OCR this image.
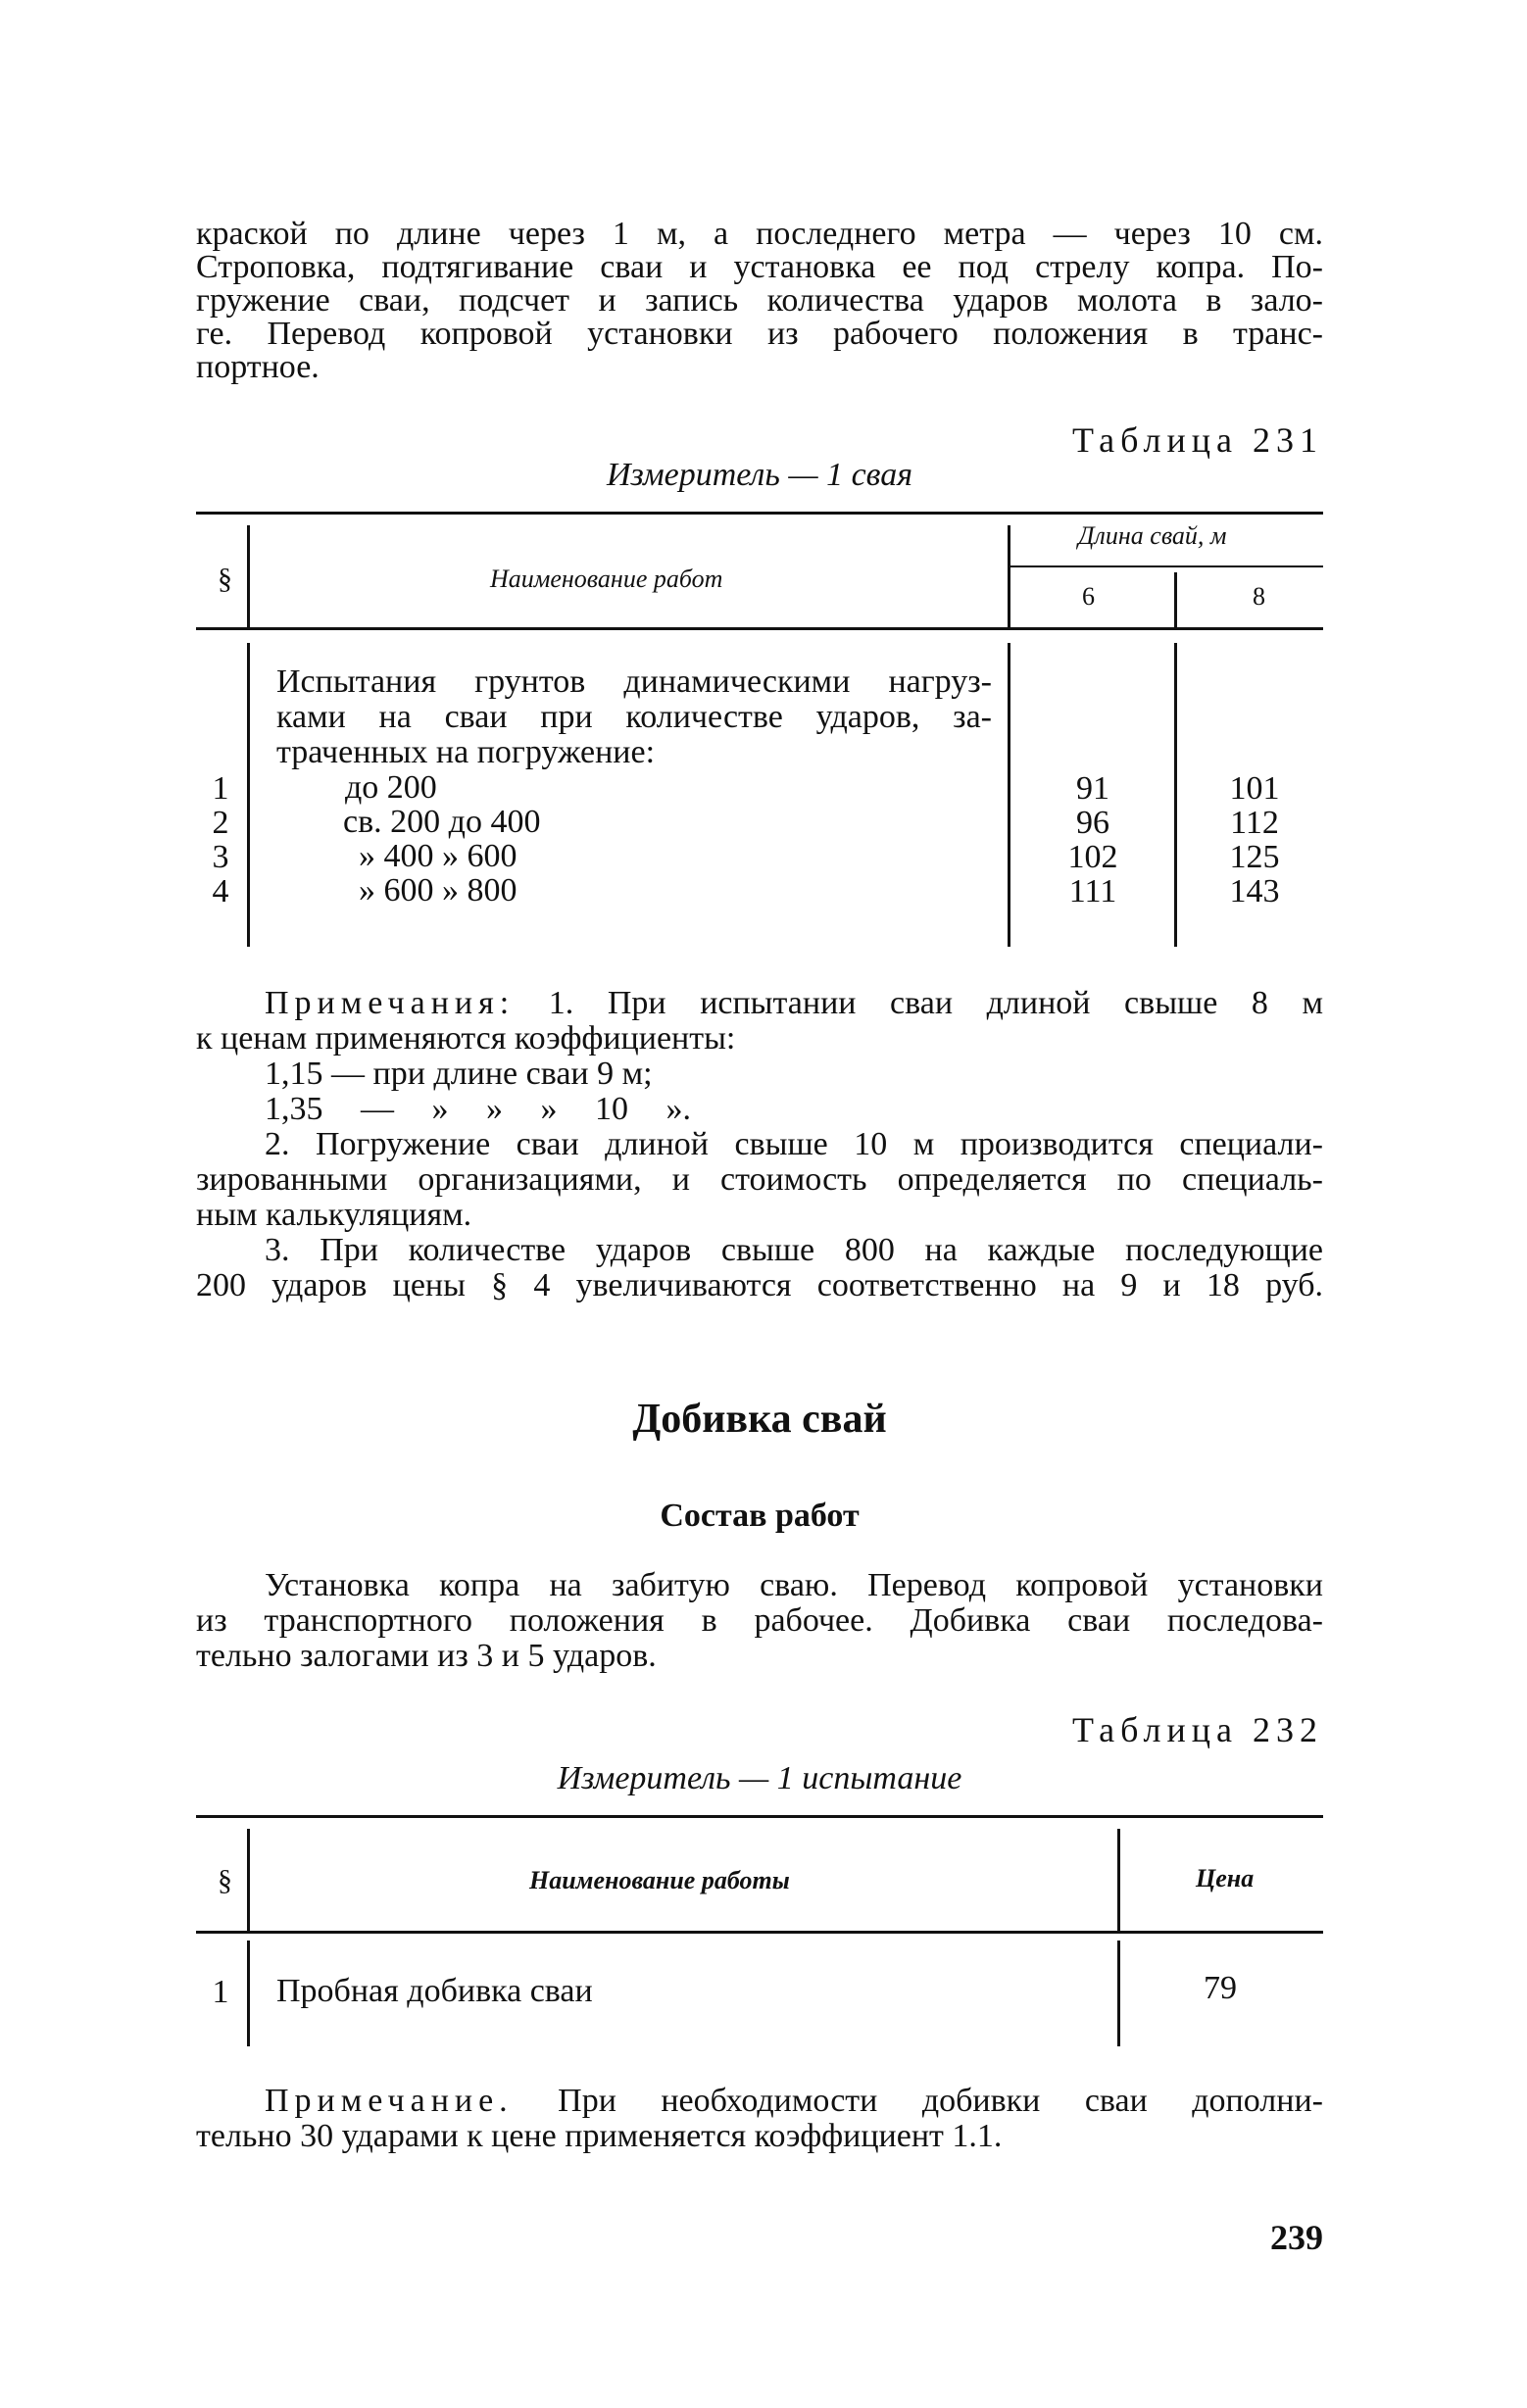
краской по длине через 1 м, а последнего метра — через 10 см.
Строповка, подтягивание сваи и установка ее под стрелу копра. По-
гружение сваи, подсчет и запись количества ударов молота в зало-
ге. Перевод копровой установки из рабочего положения в транс-
портное.
Таблица 231
Измеритель — 1 свая
§	Наименование работ
Длина свай, м
6	8
Испытания грунтов динамическими нагруз-
ками на сваи при количестве ударов, за-
траченных на погружение:
1	до 200	91	101
2	св. 200 до 400	96	112
3	» 400 » 600	102	125
4	» 600 » 800	111	143
Примечания: 1. При испытании сваи длиной свыше 8 м
к ценам применяются коэффициенты:
1,15 — при длине сваи 9 м;
1,35 — » » » 10 ».
2. Погружение сваи длиной свыше 10 м производится специали-
зированными организациями, и стоимость определяется по специаль-
ным калькуляциям.
3. При количестве ударов свыше 800 на каждые последующие
200 ударов цены § 4 увеличиваются соответственно на 9 и 18 руб.
Добивка свай
Состав работ
Установка копра на забитую сваю. Перевод копровой установки
из транспортного положения в рабочее. Добивка сваи последова-
тельно залогами из 3 и 5 ударов.
Таблица 232
Измеритель — 1 испытание
§	Наименование работы	Цена
1 Пробная добивка сваи	79
Примечание. При необходимости добивки сваи дополни-
тельно 30 ударами к цене применяется коэффициент 1.1.
239
